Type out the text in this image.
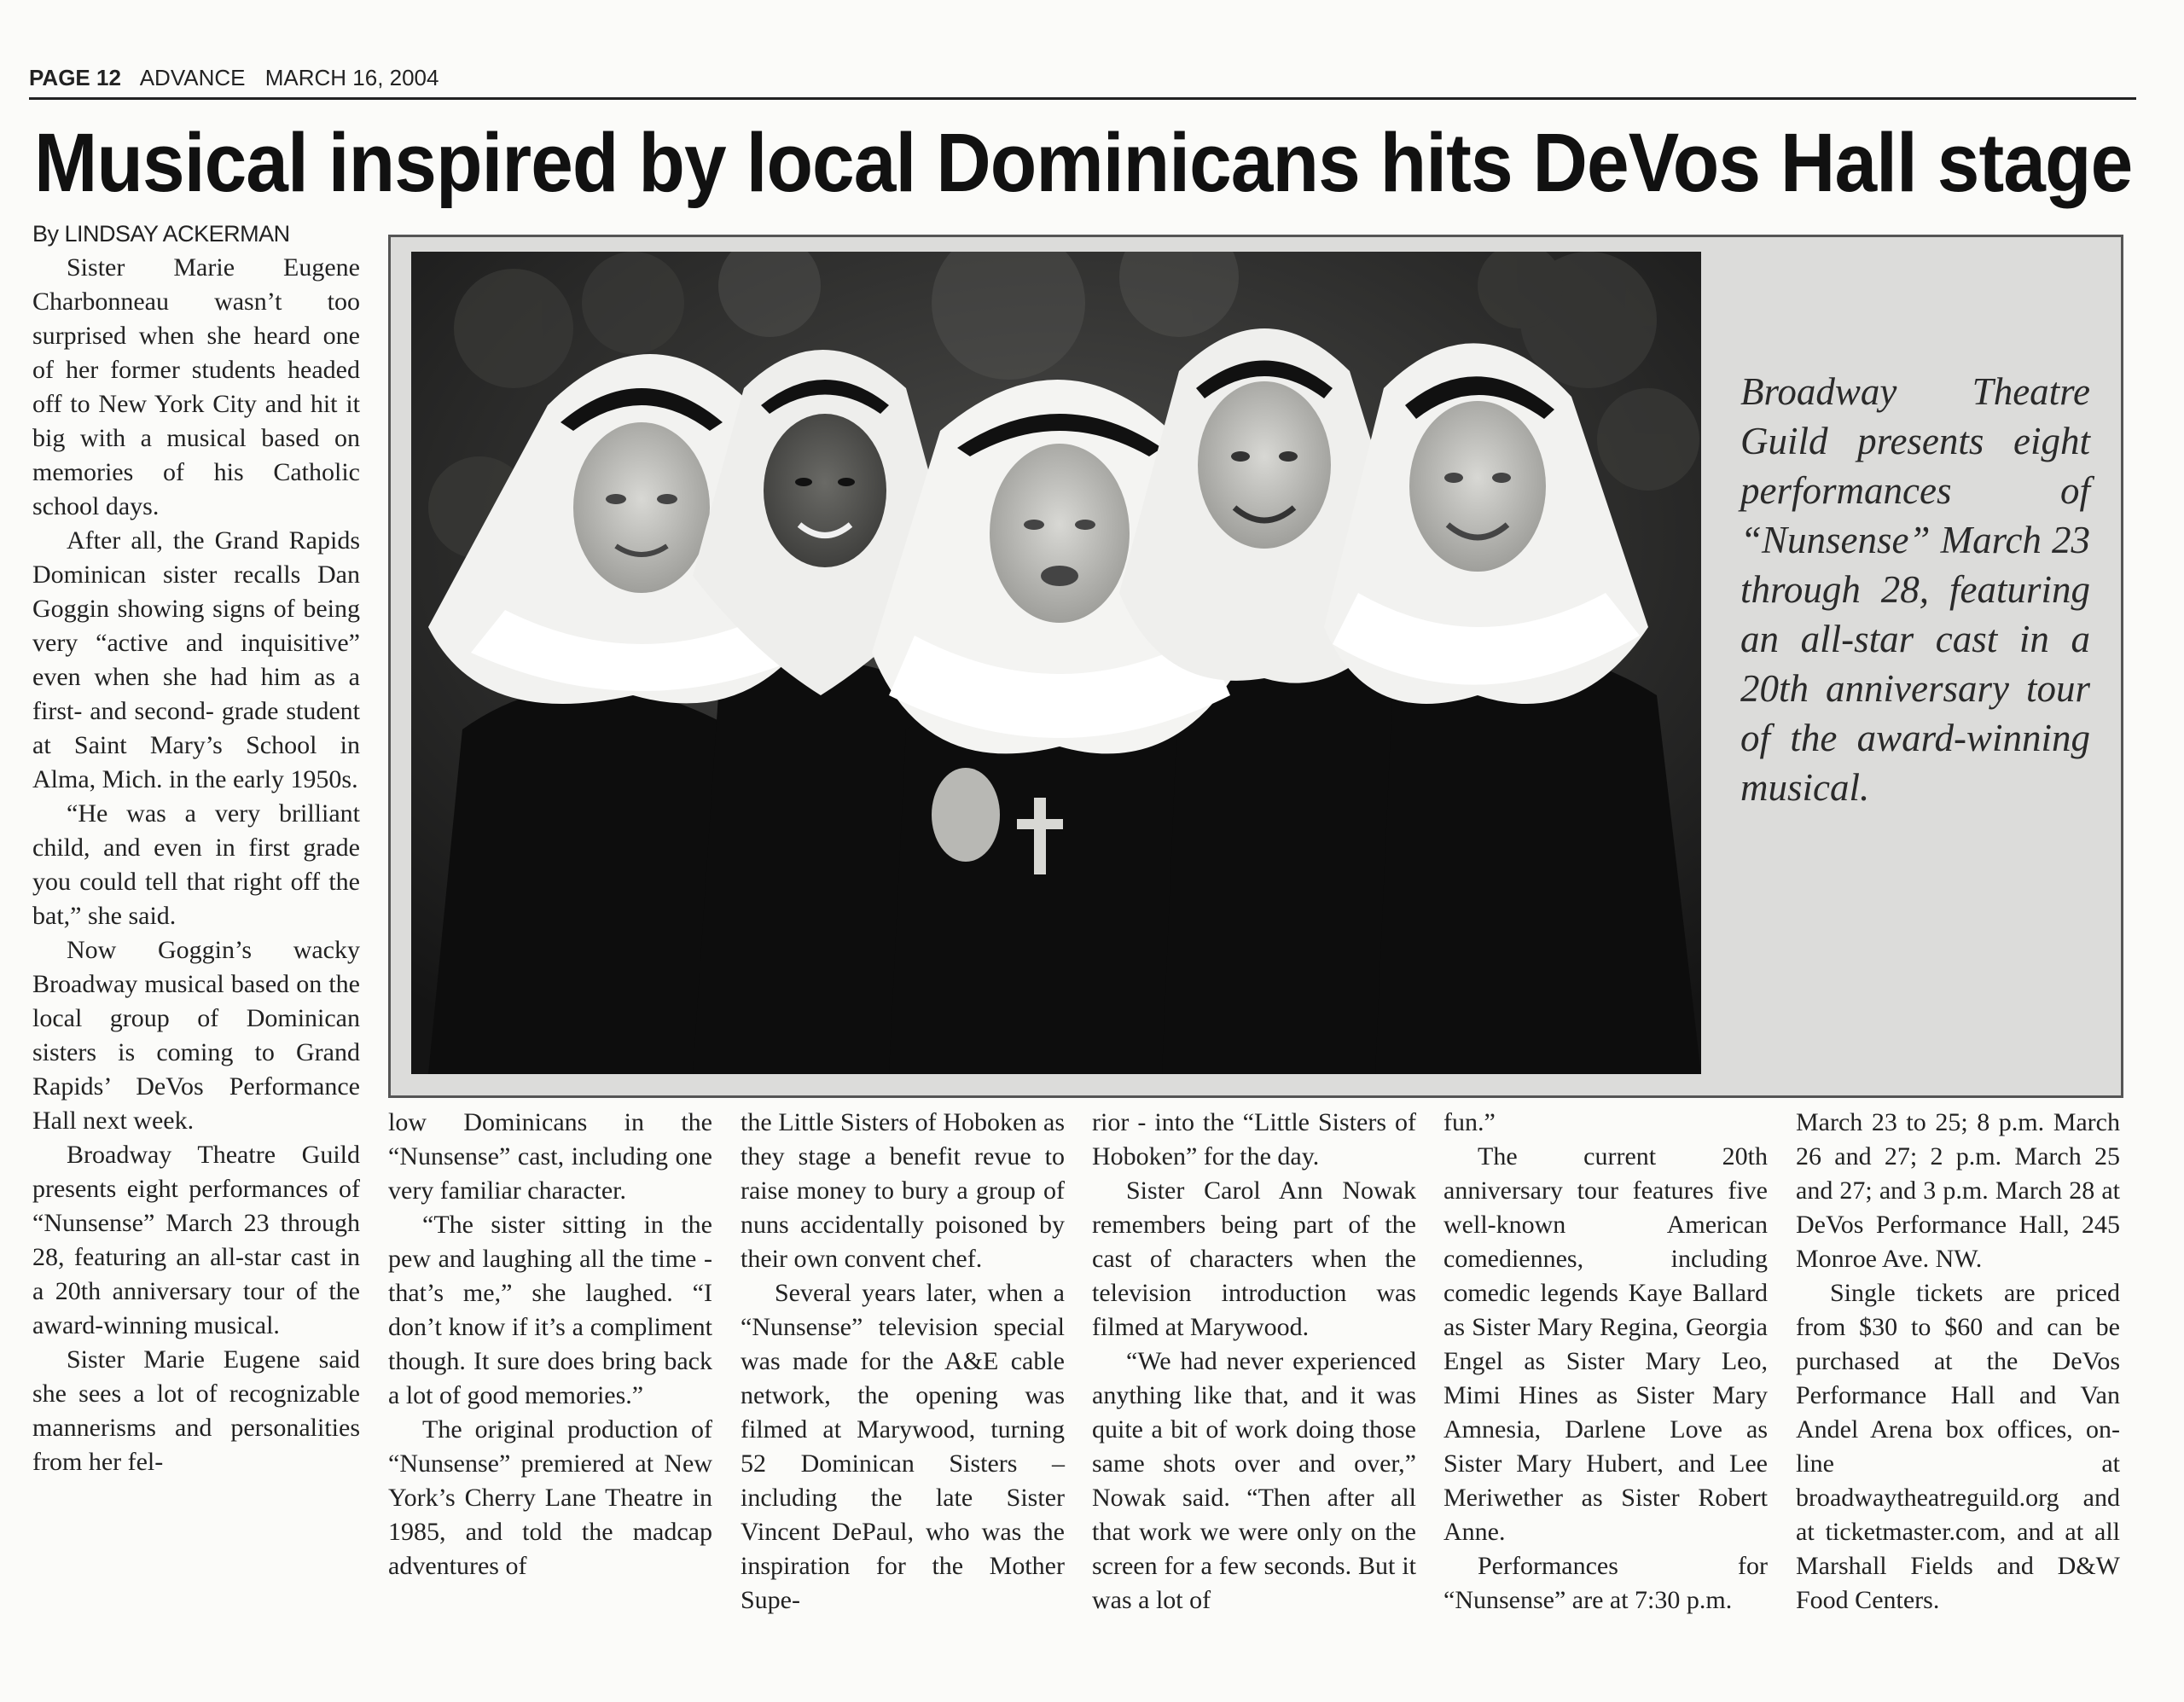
PAGE 12 ADVANCE MARCH 16, 2004
Musical inspired by local Dominicans hits DeVos Hall stage
By LINDSAY ACKERMAN

Sister Marie Eugene Charbonneau wasn’t too surprised when she heard one of her former students headed off to New York City and hit it big with a musical based on memories of his Catholic school days.

After all, the Grand Rapids Dominican sister recalls Dan Goggin showing signs of being very “active and inquisitive” even when she had him as a first- and second- grade student at Saint Mary’s School in Alma, Mich. in the early 1950s.

“He was a very brilliant child, and even in first grade you could tell that right off the bat,” she said.

Now Goggin’s wacky Broadway musical based on the local group of Dominican sisters is coming to Grand Rapids’ DeVos Performance Hall next week.

Broadway Theatre Guild presents eight performances of “Nunsense” March 23 through 28, featuring an all-star cast in a 20th anniversary tour of the award-winning musical.

Sister Marie Eugene said she sees a lot of recognizable mannerisms and personalities from her fel-

Broadway Theatre Guild presents eight performances of “Nunsense” March 23 through 28, featuring an all-star cast in a 20th anniversary tour of the award-winning musical.

low Dominicans in the “Nunsense” cast, including one very familiar character.

“The sister sitting in the pew and laughing all the time -that’s me,” she laughed. “I don’t know if it’s a compliment though. It sure does bring back a lot of good memories.”

The original production of “Nunsense” premiered at New York’s Cherry Lane Theatre in 1985, and told the madcap adventures of

the Little Sisters of Hoboken as they stage a benefit revue to raise money to bury a group of nuns accidentally poisoned by their own convent chef.

Several years later, when a “Nunsense” television special was made for the A&E cable network, the opening was filmed at Marywood, turning 52 Dominican Sisters –including the late Sister Vincent DePaul, who was the inspiration for the Mother Supe-

rior - into the “Little Sisters of Hoboken” for the day.

Sister Carol Ann Nowak remembers being part of the cast of characters when the television introduction was filmed at Marywood.

“We had never experienced anything like that, and it was quite a bit of work doing those same shots over and over,” Nowak said. “Then after all that work we were only on the screen for a few seconds. But it was a lot of

fun.”

The current 20th anniversary tour features five well-known American comediennes, including comedic legends Kaye Ballard as Sister Mary Regina, Georgia Engel as Sister Mary Leo, Mimi Hines as Sister Mary Amnesia, Darlene Love as Sister Mary Hubert, and Lee Meriwether as Sister Robert Anne.

Performances for “Nunsense” are at 7:30 p.m.

March 23 to 25; 8 p.m. March 26 and 27; 2 p.m. March 25 and 27; and 3 p.m. March 28 at DeVos Performance Hall, 245 Monroe Ave. NW.

Single tickets are priced from $30 to $60 and can be purchased at the DeVos Performance Hall and Van Andel Arena box offices, on-line at broadwaytheatreguild.org and at ticketmaster.com, and at all Marshall Fields and D&W Food Centers.
